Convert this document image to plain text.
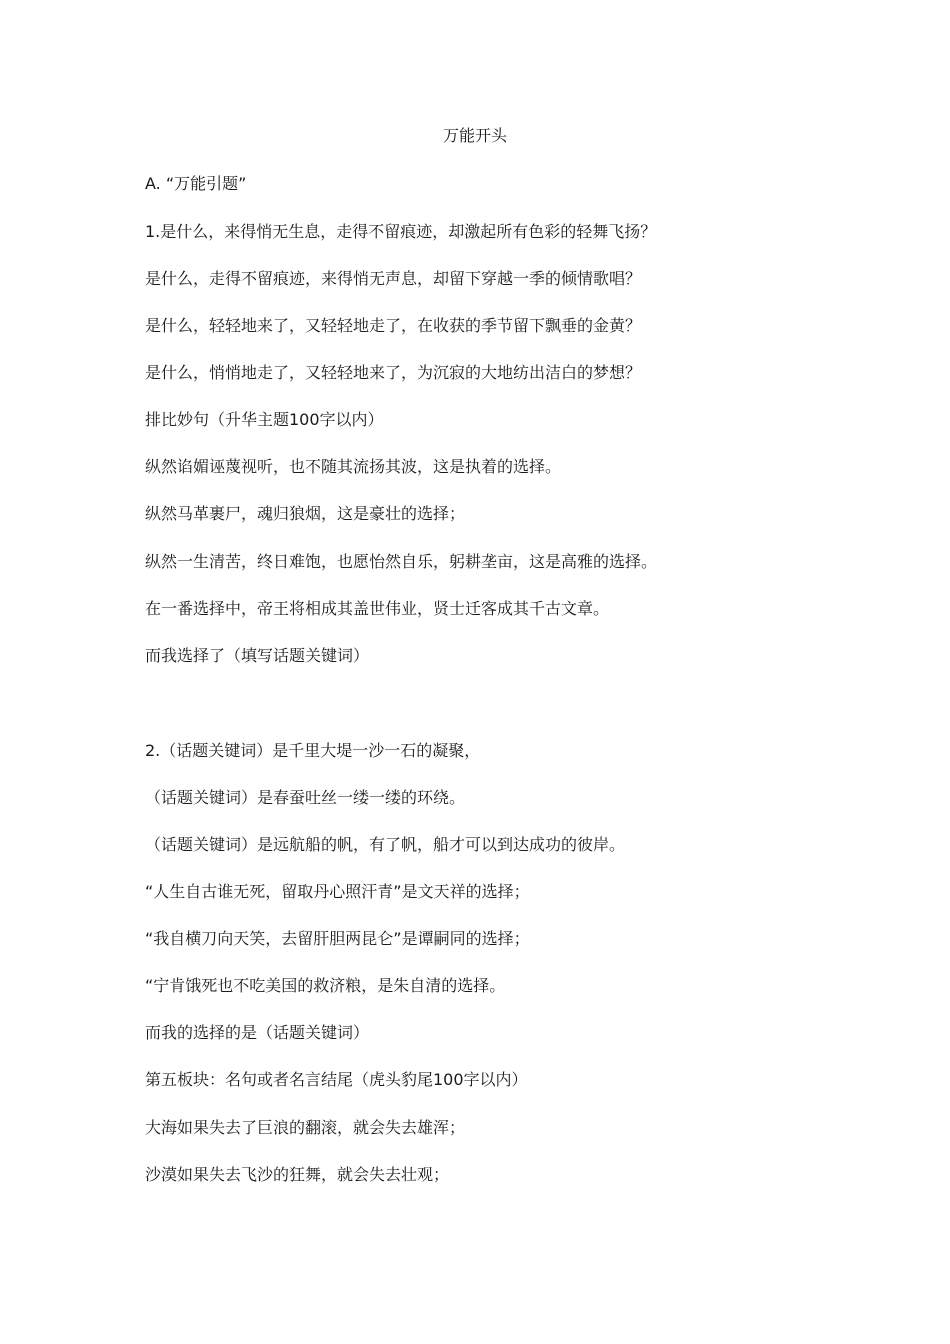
万能开头
A. “万能引题”
1.是什么，来得悄无生息，走得不留痕迹，却激起所有色彩的轻舞飞扬？
是什么，走得不留痕迹，来得悄无声息，却留下穿越一季的倾情歌唱？
是什么，轻轻地来了，又轻轻地走了，在收获的季节留下飘垂的金黄？
是什么，悄悄地走了，又轻轻地来了，为沉寂的大地纺出洁白的梦想？
排比妙句（升华主题100字以内）
纵然谄媚诬蔑视听，也不随其流扬其波，这是执着的选择。
纵然马革裹尸，魂归狼烟，这是豪壮的选择；
纵然一生清苦，终日难饱，也愿怡然自乐，躬耕垄亩，这是高雅的选择。
在一番选择中，帝王将相成其盖世伟业，贤士迁客成其千古文章。
而我选择了（填写话题关键词）
2.（话题关键词）是千里大堤一沙一石的凝聚，
（话题关键词）是春蚕吐丝一缕一缕的环绕。
（话题关键词）是远航船的帆，有了帆，船才可以到达成功的彼岸。
“人生自古谁无死，留取丹心照汗青”是文天祥的选择；
“我自横刀向天笑，去留肝胆两昆仑”是谭嗣同的选择；
“宁肯饿死也不吃美国的救济粮，是朱自清的选择。
而我的选择的是（话题关键词）
第五板块：名句或者名言结尾（虎头豹尾100字以内）
大海如果失去了巨浪的翻滚，就会失去雄浑；
沙漠如果失去飞沙的狂舞，就会失去壮观；
